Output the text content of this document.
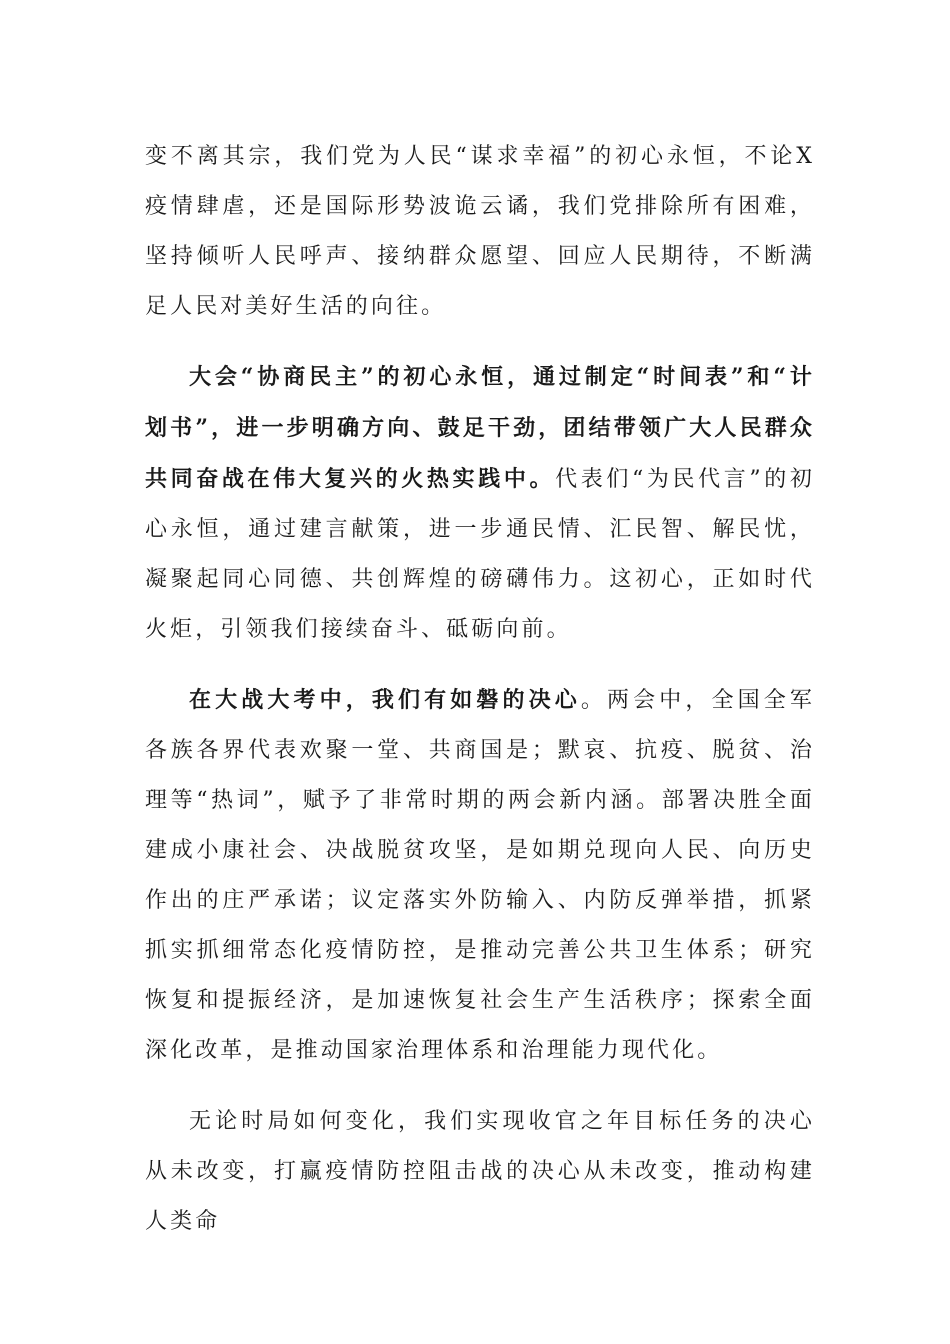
变不离其宗，我们党为人民“谋求幸福”的初心永恒，不论X疫情肆虐，还是国际形势波诡云谲，我们党排除所有困难，坚持倾听人民呼声、接纳群众愿望、回应人民期待，不断满足人民对美好生活的向往。

大会“协商民主”的初心永恒，通过制定“时间表”和“计划书”，进一步明确方向、鼓足干劲，团结带领广大人民群众共同奋战在伟大复兴的火热实践中。代表们“为民代言”的初心永恒，通过建言献策，进一步通民情、汇民智、解民忧，凝聚起同心同德、共创辉煌的磅礴伟力。这初心，正如时代火炬，引领我们接续奋斗、砥砺向前。

在大战大考中，我们有如磐的决心。两会中，全国全军各族各界代表欢聚一堂、共商国是；默哀、抗疫、脱贫、治理等“热词”，赋予了非常时期的两会新内涵。部署决胜全面建成小康社会、决战脱贫攻坚，是如期兑现向人民、向历史作出的庄严承诺；议定落实外防输入、内防反弹举措，抓紧抓实抓细常态化疫情防控，是推动完善公共卫生体系；研究恢复和提振经济，是加速恢复社会生产生活秩序；探索全面深化改革，是推动国家治理体系和治理能力现代化。

无论时局如何变化，我们实现收官之年目标任务的决心从未改变，打赢疫情防控阻击战的决心从未改变，推动构建人类命
